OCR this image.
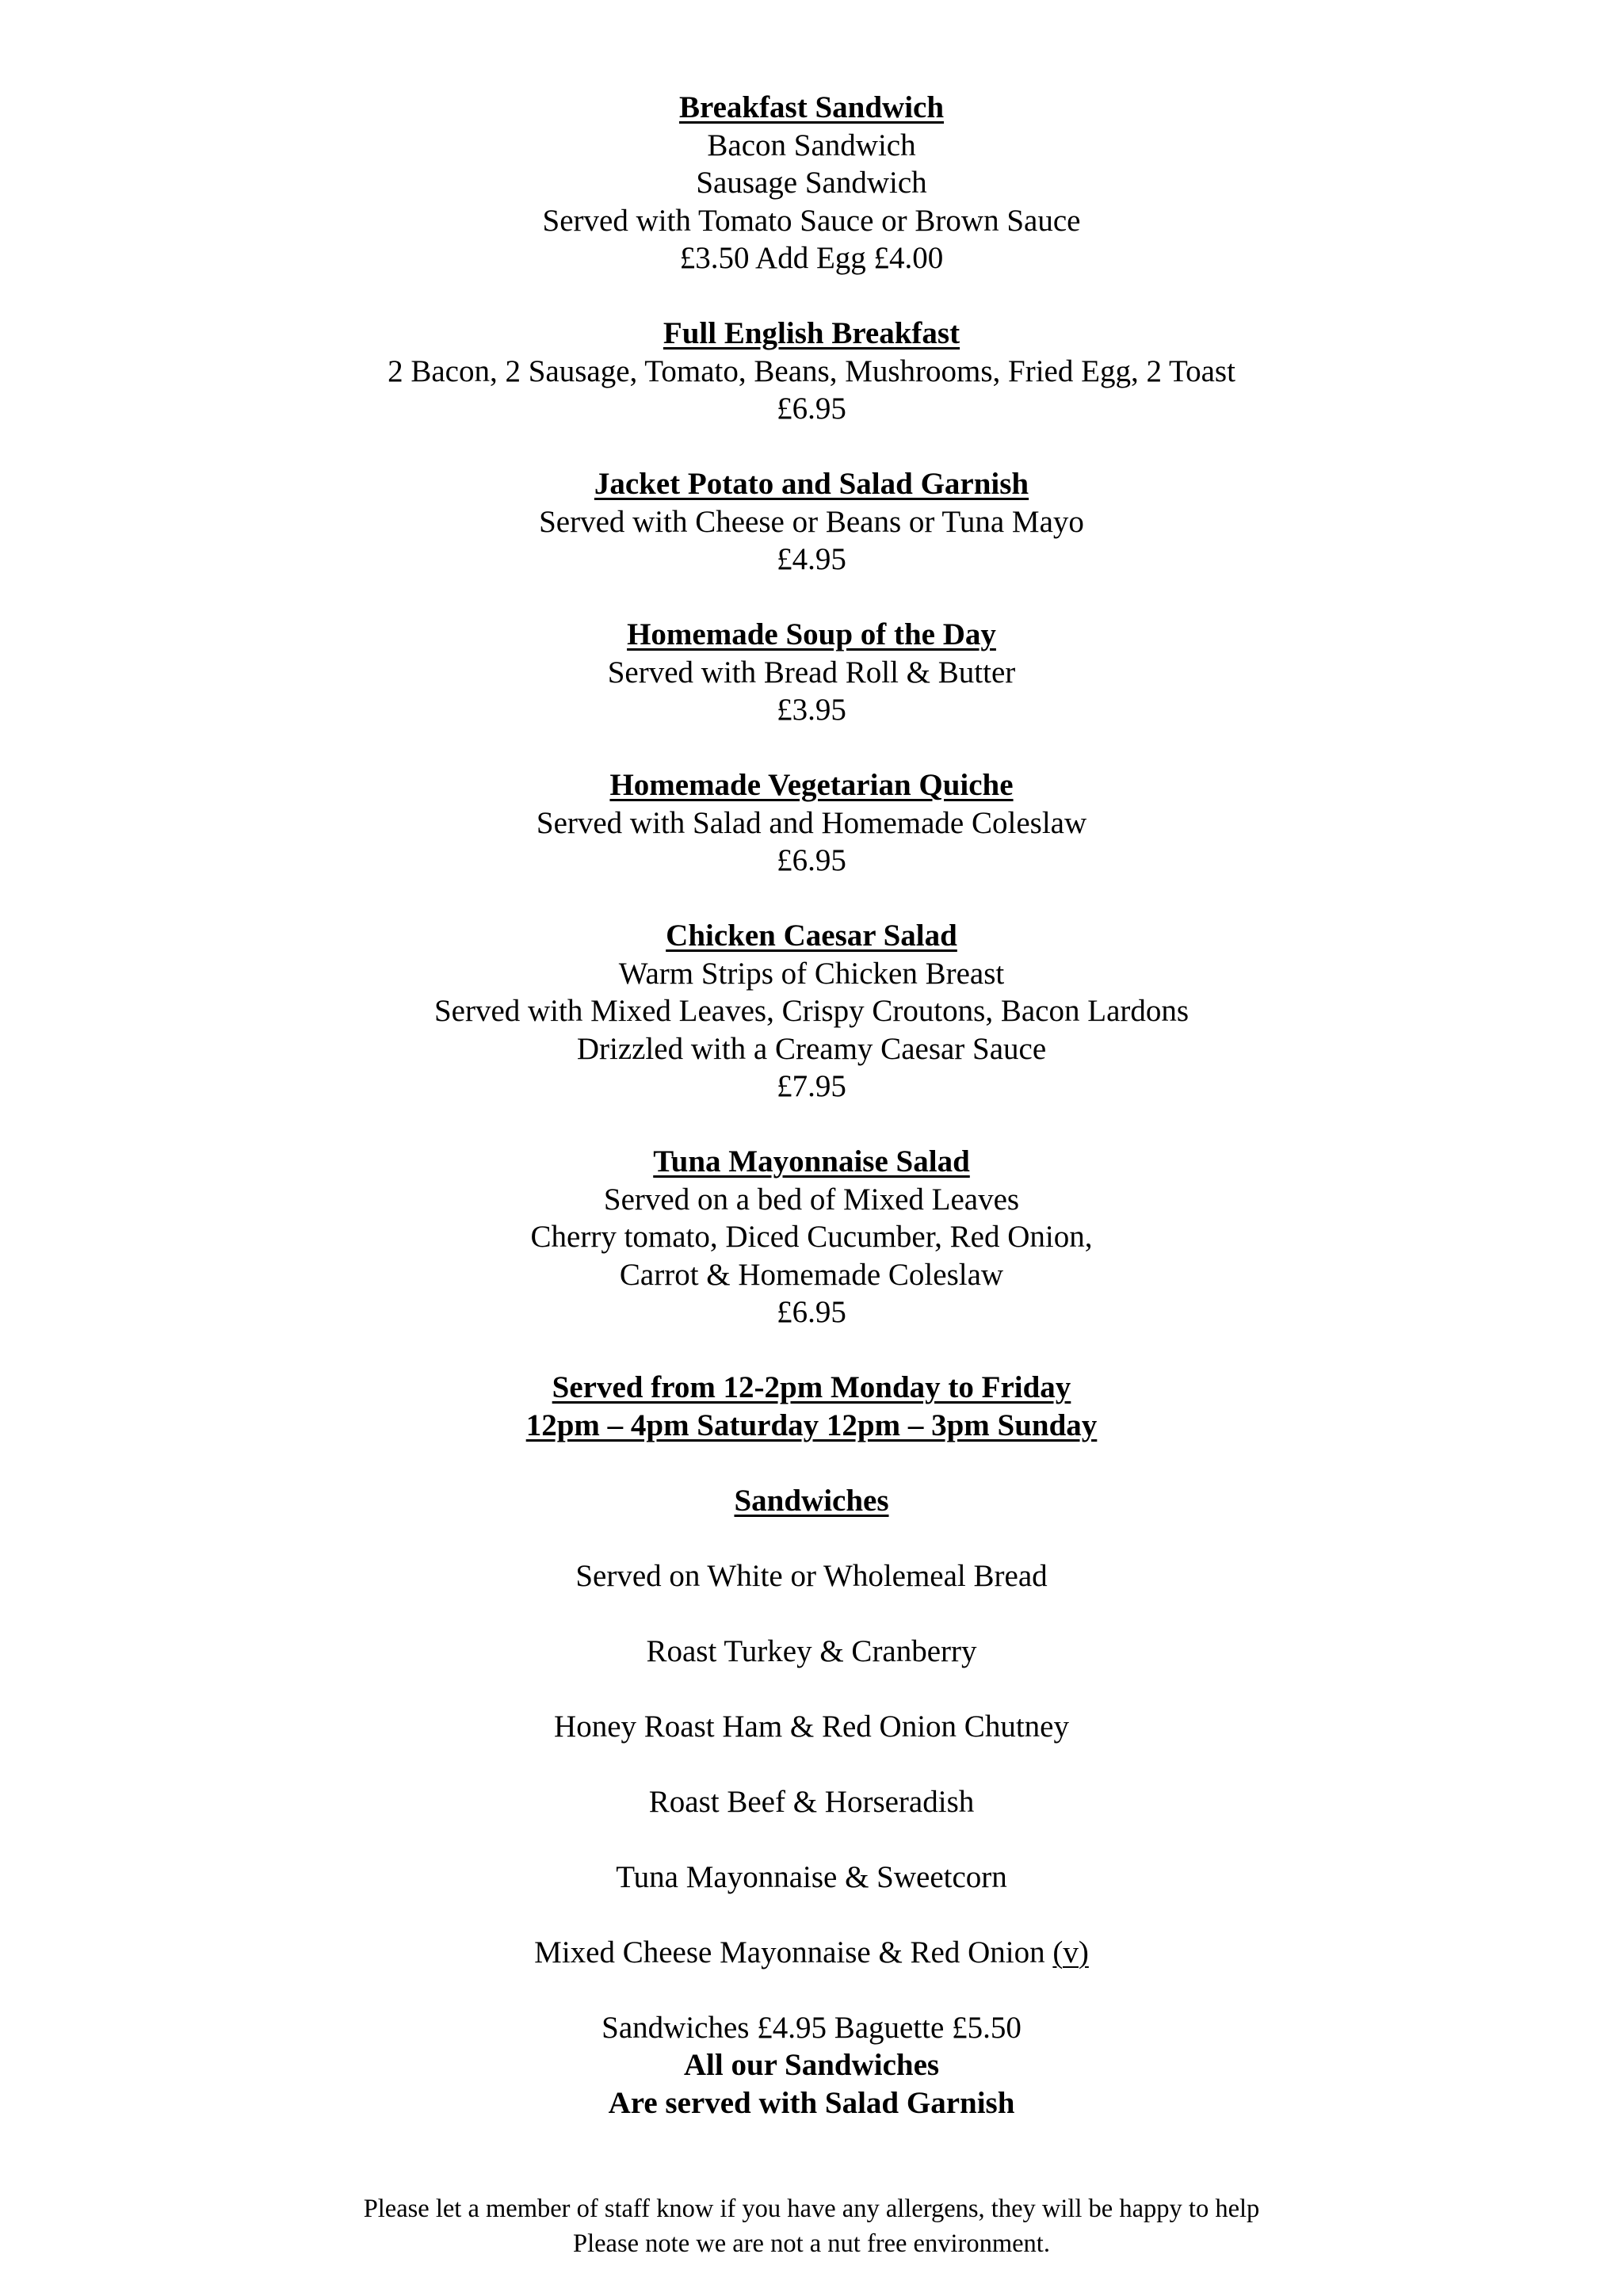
Breakfast Sandwich
Bacon Sandwich
Sausage Sandwich
Served with Tomato Sauce or Brown Sauce
£3.50 Add Egg £4.00
Full English Breakfast
2 Bacon, 2 Sausage, Tomato, Beans, Mushrooms, Fried Egg, 2 Toast
£6.95
Jacket Potato and Salad Garnish
Served with Cheese or Beans or Tuna Mayo
£4.95
Homemade Soup of the Day
Served with Bread Roll & Butter
£3.95
Homemade Vegetarian Quiche
Served with Salad and Homemade Coleslaw
£6.95
Chicken Caesar Salad
Warm Strips of Chicken Breast
Served with Mixed Leaves, Crispy Croutons, Bacon Lardons
Drizzled with a Creamy Caesar Sauce
£7.95
Tuna Mayonnaise Salad
Served on a bed of Mixed Leaves
Cherry tomato, Diced Cucumber, Red Onion,
Carrot & Homemade Coleslaw
£6.95
Served from 12-2pm Monday to Friday
12pm – 4pm Saturday 12pm – 3pm Sunday
Sandwiches
Served on White or Wholemeal Bread
Roast Turkey & Cranberry
Honey Roast Ham & Red Onion Chutney
Roast Beef & Horseradish
Tuna Mayonnaise & Sweetcorn
Mixed Cheese Mayonnaise & Red Onion (v)
Sandwiches £4.95 Baguette £5.50
All our Sandwiches
Are served with Salad Garnish
Please let a member of staff know if you have any allergens, they will be happy to help
Please note we are not a nut free environment.
